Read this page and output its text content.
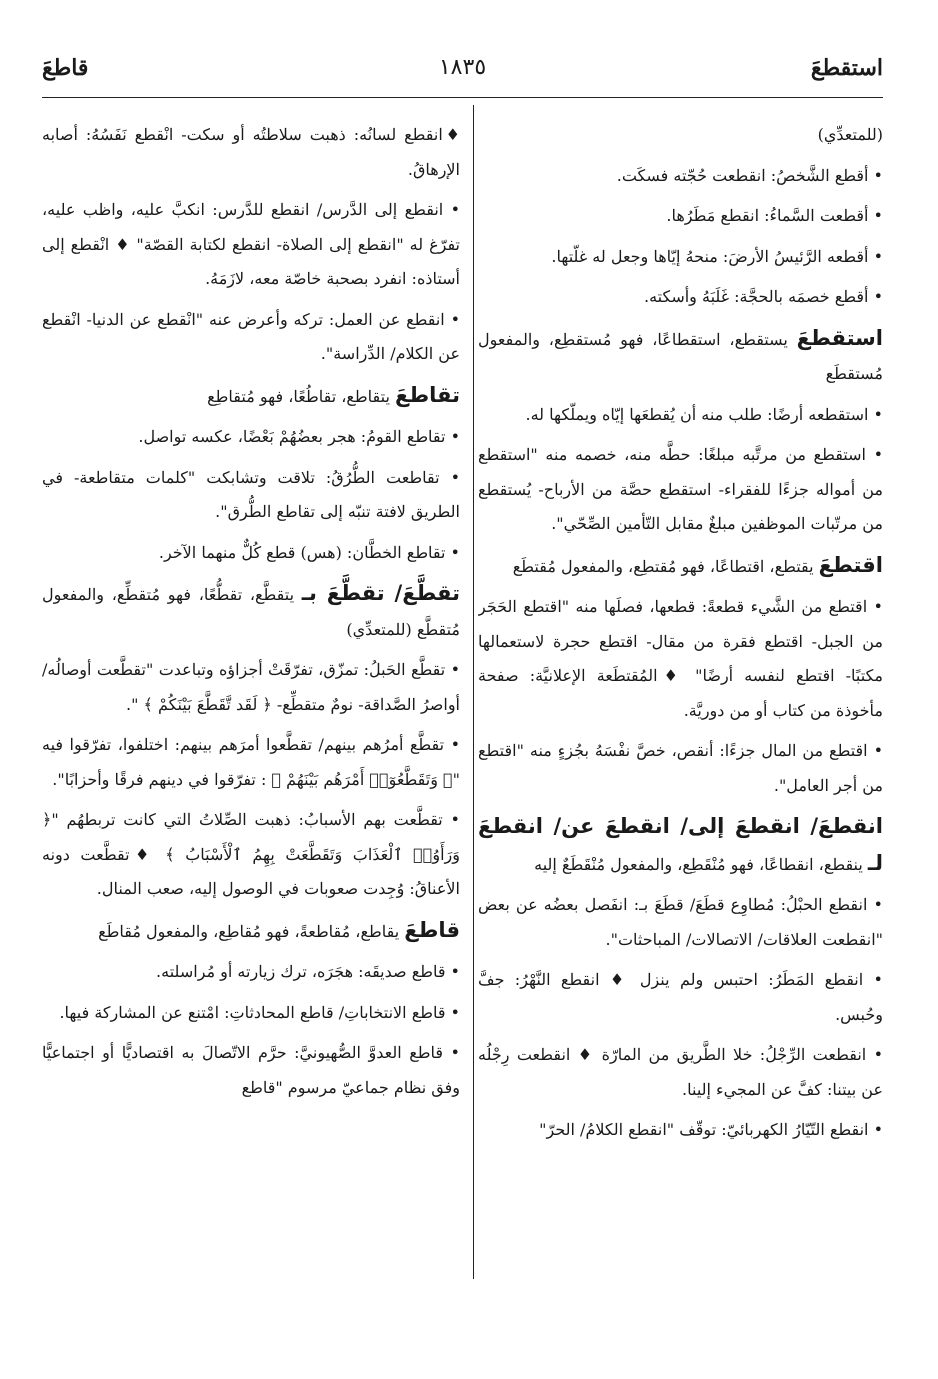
استقطعَ
١٨٣٥
قاطعَ

(للمتعدِّي)

• أقطع الشَّخصُ: انقطعت حُجّته فسكَت.

• أقطعت السَّماءُ: انقطع مَطَرُها.

• أقطعه الرَّئيسُ الأرضَ: منحهُ إيّاها وجعل له غلّتها.

• أقطع خصمَه بالحجَّة: غَلَبَهُ وأسكته.

استقطعَ يستقطع، استقطاعًا، فهو مُستقطِع، والمفعول مُستقطَع

• استقطعه أرضًا: طلب منه أن يُقطعَها إيّاه ويملّكها له.

• استقطع من مرتَّبه مبلغًا: حطَّه منه، خصمه منه "استقطع من أمواله جزءًا للفقراء- استقطع حصَّة من الأرباح- يُستقطع من مرتّبات الموظفين مبلغٌ مقابل التّأمين الصِّحّي".

اقتطعَ يقتطع، اقتطاعًا، فهو مُقتطِع، والمفعول مُقتطَع

• اقتطع من الشَّيء قطعةً: قطعها، فصلَها منه "اقتطع الحَجَر من الجبل- اقتطع فقرة من مقال- اقتطع حجرة لاستعمالها مكتبًا- اقتطع لنفسه أرضًا" ♦المُقتطَعة الإعلانيَّة: صفحة مأخوذة من كتاب أو من دوريَّة.

• اقتطع من المال جزءًا: أنقص، خصَّ نفْسَهُ بجُزءٍ منه "اقتطع من أجر العامل".

انقطعَ/ انقطعَ إلى/ انقطعَ عن/ انقطعَ لـ ينقطع، انقطاعًا، فهو مُنْقَطِع، والمفعول مُنْقَطَعٌ إليه

• انقطع الحبْلُ: مُطاوِع قطَعَ/ قطَعَ بـ: انفَصل بعضُه عن بعض "انقطعت العلاقات/ الاتصالات/ المباحثات".

• انقطع المَطَرُ: احتبس ولم ينزل ♦ انقطع النَّهْرُ: جفَّ وحُبس.

• انقطعت الرِّجْلُ: خلا الطَّريق من المارّة ♦ انقطعت رِجْلُه عن بيتنا: كفَّ عن المجيء إلينا.

• انقطع التّيّارُ الكهربائيّ: توقّف "انقطع الكلامُ/ الحرّ"

♦انقطع لسانُه: ذهبت سلاطتُه أو سكت- انْقطع نَفَسُهُ: أصابه الإرهاقُ.

• انقطع إلى الدَّرس/ انقطع للدَّرس: انكبَّ عليه، واظب عليه، تفرّغ له "انقطع إلى الصلاة- انقطع لكتابة القصّة" ♦ انْقطع إلى أستاذه: انفرد بصحبة خاصّة معه، لازَمَهُ.

• انقطع عن العمل: تركه وأعرض عنه "انْقطع عن الدنيا- انْقطع عن الكلام/ الدِّراسة".

تقاطعَ يتقاطع، تقاطُعًا، فهو مُتقاطِع

• تقاطع القومُ: هجر بعضُهُمْ بَعْضًا، عكسه تواصل.

• تقاطعت الطُّرُقُ: تلاقت وتشابكت "كلمات متقاطعة- في الطريق لافتة تنبّه إلى تقاطع الطُّرق".

• تقاطع الخطَّان: (هس) قطع كُلٌّ منهما الآخر.

تقطَّعَ/ تقطَّعَ بـ يتقطَّع، تقطُّعًا، فهو مُتقطِّع، والمفعول مُتقطَّع (للمتعدِّي)

• تقطَّع الحَبلُ: تمزّق، تفرّقَتْ أجزاؤه وتباعدت "تقطَّعت أوصالُه/ أواصرُ الصَّداقة- نومٌ متقطِّع- ﴿ لَقَد تَّقَطَّعَ بَيْنَكُمْ ﴾ ".

• تقطَّع أمرُهم بينهم/ تقطَّعوا أمرَهم بينهم: اختلفوا، تفرّقوا فيه "﴿ وَتَقَطَّعُوٓا۟ أَمْرَهُم بَيْنَهُمْ ﴾ : تفرّقوا في دينهم فرقًا وأحزابًا".

• تقطَّعت بهم الأسبابُ: ذهبت الصِّلاتُ التي كانت تربطهُم "﴿ وَرَأَوُا۟ ٱلْعَذَابَ وَتَقَطَّعَتْ بِهِمُ ٱلْأَسْبَابُ ﴾ ♦تقطَّعت دونه الأعناقُ: وُجِدت صعوبات في الوصول إليه، صعب المنال.

قاطعَ يقاطع، مُقاطعةً، فهو مُقاطِع، والمفعول مُقاطَع

• قاطع صديقَه: هجَرَه، ترك زيارته أو مُراسلته.

• قاطع الانتخاباتِ/ قاطع المحادثاتِ: امْتنع عن المشاركة فيها.

• قاطع العدوَّ الصُّهيونيَّ: حرَّم الاتّصالَ به اقتصاديًّا أو اجتماعيًّا وفق نظام جماعيّ مرسوم "قاطع
